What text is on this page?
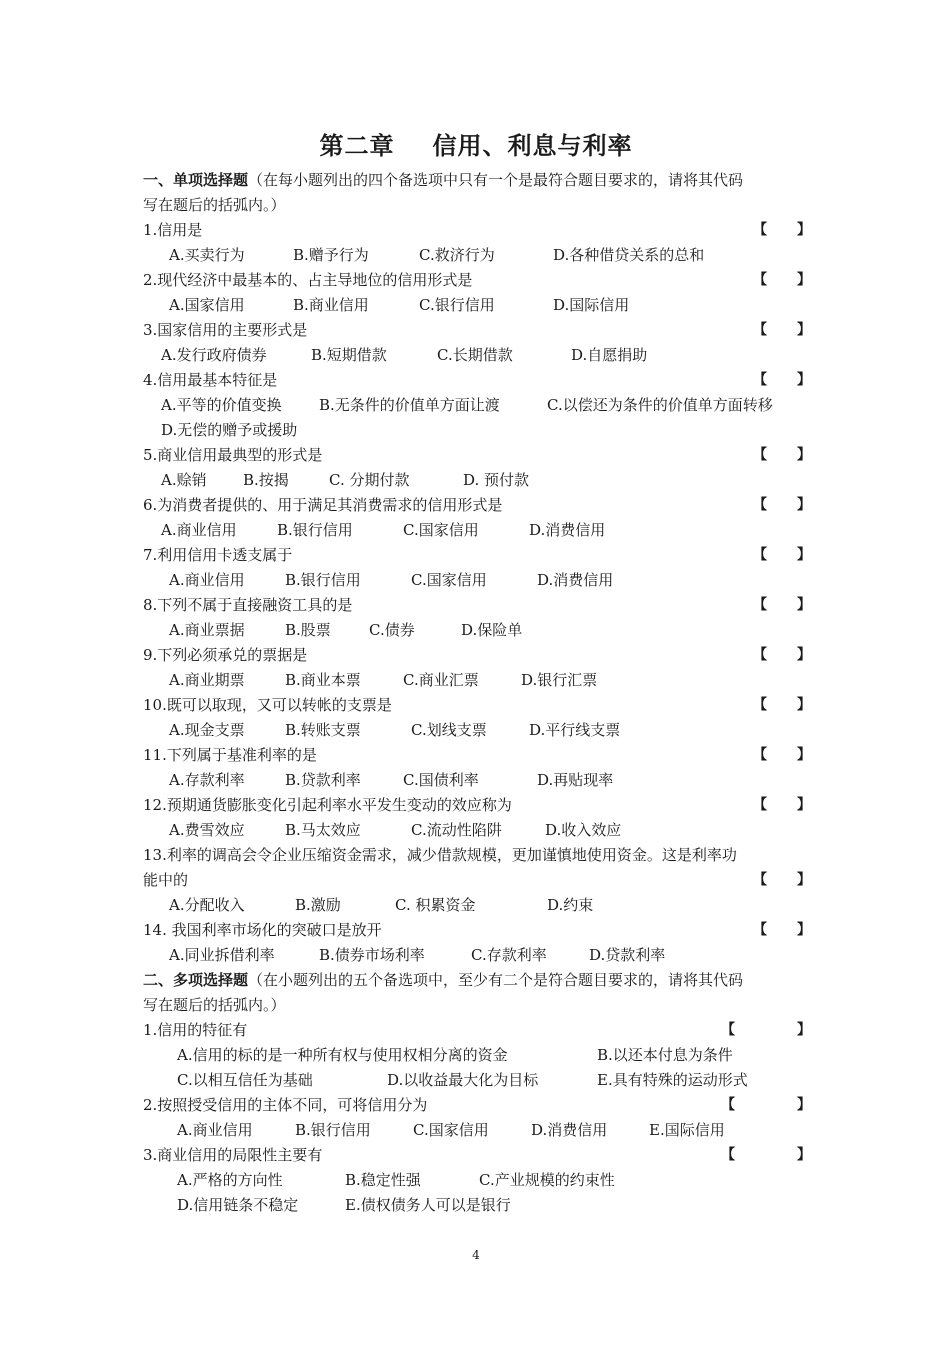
第二章 信用、利息与利率
一、单项选择题（在每小题列出的四个备选项中只有一个是最符合题目要求的，请将其代码
写在题后的括弧内。）
1.信用是	【 】
A.买卖行为	B.赠予行为	C.救济行为	D.各种借贷关系的总和
2.现代经济中最基本的、占主导地位的信用形式是	【 】
A.国家信用	B.商业信用	C.银行信用	D.国际信用
3.国家信用的主要形式是	【 】
A.发行政府债券	B.短期借款	C.长期借款	D.自愿捐助
4.信用最基本特征是	【 】
A.平等的价值变换 B.无条件的价值单方面让渡	C.以偿还为条件的价值单方面转移
D.无偿的赠予或援助
5.商业信用最典型的形式是	【 】
A.赊销 B.按揭	C. 分期付款	D. 预付款
6.为消费者提供的、用于满足其消费需求的信用形式是	【 】
A.商业信用	B.银行信用	C.国家信用	D.消费信用
7.利用信用卡透支属于	【 】
A.商业信用	B.银行信用	C.国家信用	D.消费信用
8.下列不属于直接融资工具的是	【 】
A.商业票据	B.股票	C.债券	D.保险单
9.下列必须承兑的票据是	【 】
A.商业期票	B.商业本票	C.商业汇票	D.银行汇票
10.既可以取现，又可以转帐的支票是	【 】
A.现金支票	B.转账支票	C.划线支票	D.平行线支票
11.下列属于基准利率的是	【 】
A.存款利率	B.贷款利率	C.国债利率	D.再贴现率
12.预期通货膨胀变化引起利率水平发生变动的效应称为	【 】
A.费雪效应	B.马太效应	C.流动性陷阱	D.收入效应
13.利率的调高会令企业压缩资金需求，减少借款规模，更加谨慎地使用资金。这是利率功
能中的	【 】
A.分配收入	B.激励	C. 积累资金	D.约束
14. 我国利率市场化的突破口是放开	【 】
A.同业拆借利率	B.债券市场利率	C.存款利率	D.贷款利率
二、多项选择题（在小题列出的五个备选项中，至少有二个是符合题目要求的，请将其代码
写在题后的括弧内。）
1.信用的特征有	【	】
A.信用的标的是一种所有权与使用权相分离的资金	B.以还本付息为条件
C.以相互信任为基础	D.以收益最大化为目标	E.具有特殊的运动形式
2.按照授受信用的主体不同，可将信用分为	【	】
A.商业信用	B.银行信用	C.国家信用	D.消费信用	E.国际信用
3.商业信用的局限性主要有	【	】
A.严格的方向性	B.稳定性强	C.产业规模的约束性
D.信用链条不稳定	E.债权债务人可以是银行
4
